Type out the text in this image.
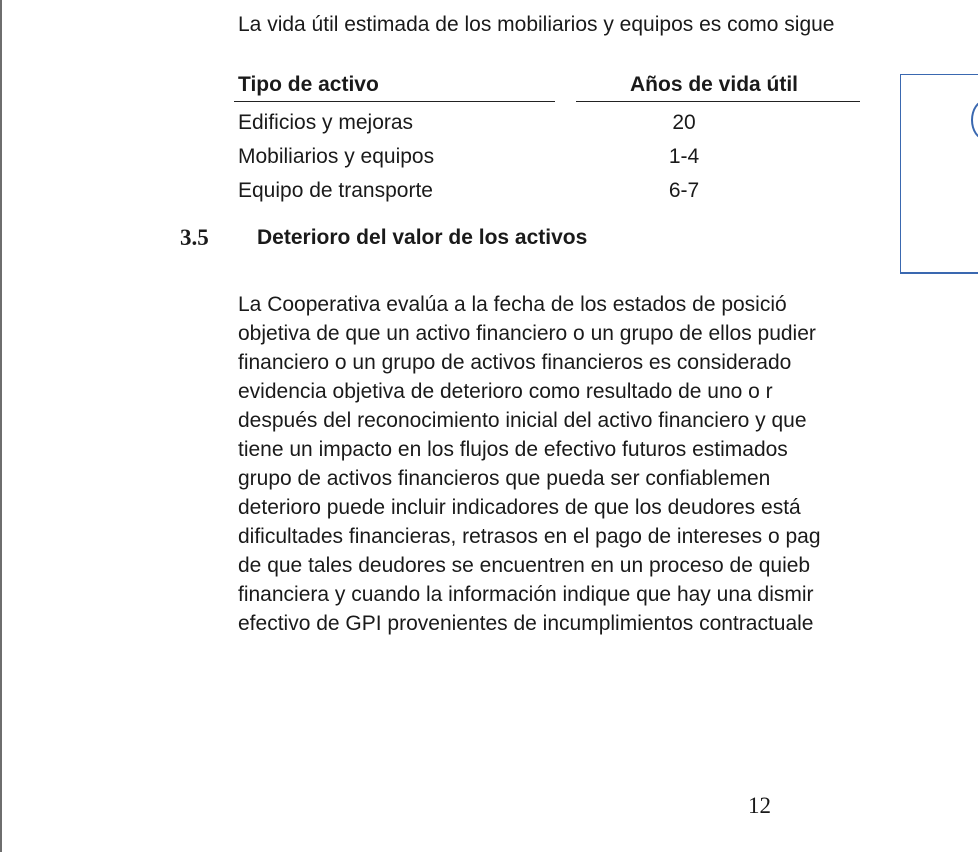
La vida útil estimada de los mobiliarios y equipos es como sigue
Tipo de activo	Años de vida útil
Edificios y mejoras	20
Mobiliarios y equipos	1-4
Equipo de transporte	6-7
3.5 Deterioro del valor de los activos
La Cooperativa evalúa a la fecha de los estados de posició
objetiva de que un activo financiero o un grupo de ellos pudier
financiero o un grupo de activos financieros es considerado
evidencia objetiva de deterioro como resultado de uno o r
después del reconocimiento inicial del activo financiero y que
tiene un impacto en los flujos de efectivo futuros estimados
grupo de activos financieros que pueda ser confiablemen
deterioro puede incluir indicadores de que los deudores está
dificultades financieras, retrasos en el pago de intereses o pag
de que tales deudores se encuentren en un proceso de quieb
financiera y cuando la información indique que hay una dismir
efectivo de GPI provenientes de incumplimientos contractuale
12
